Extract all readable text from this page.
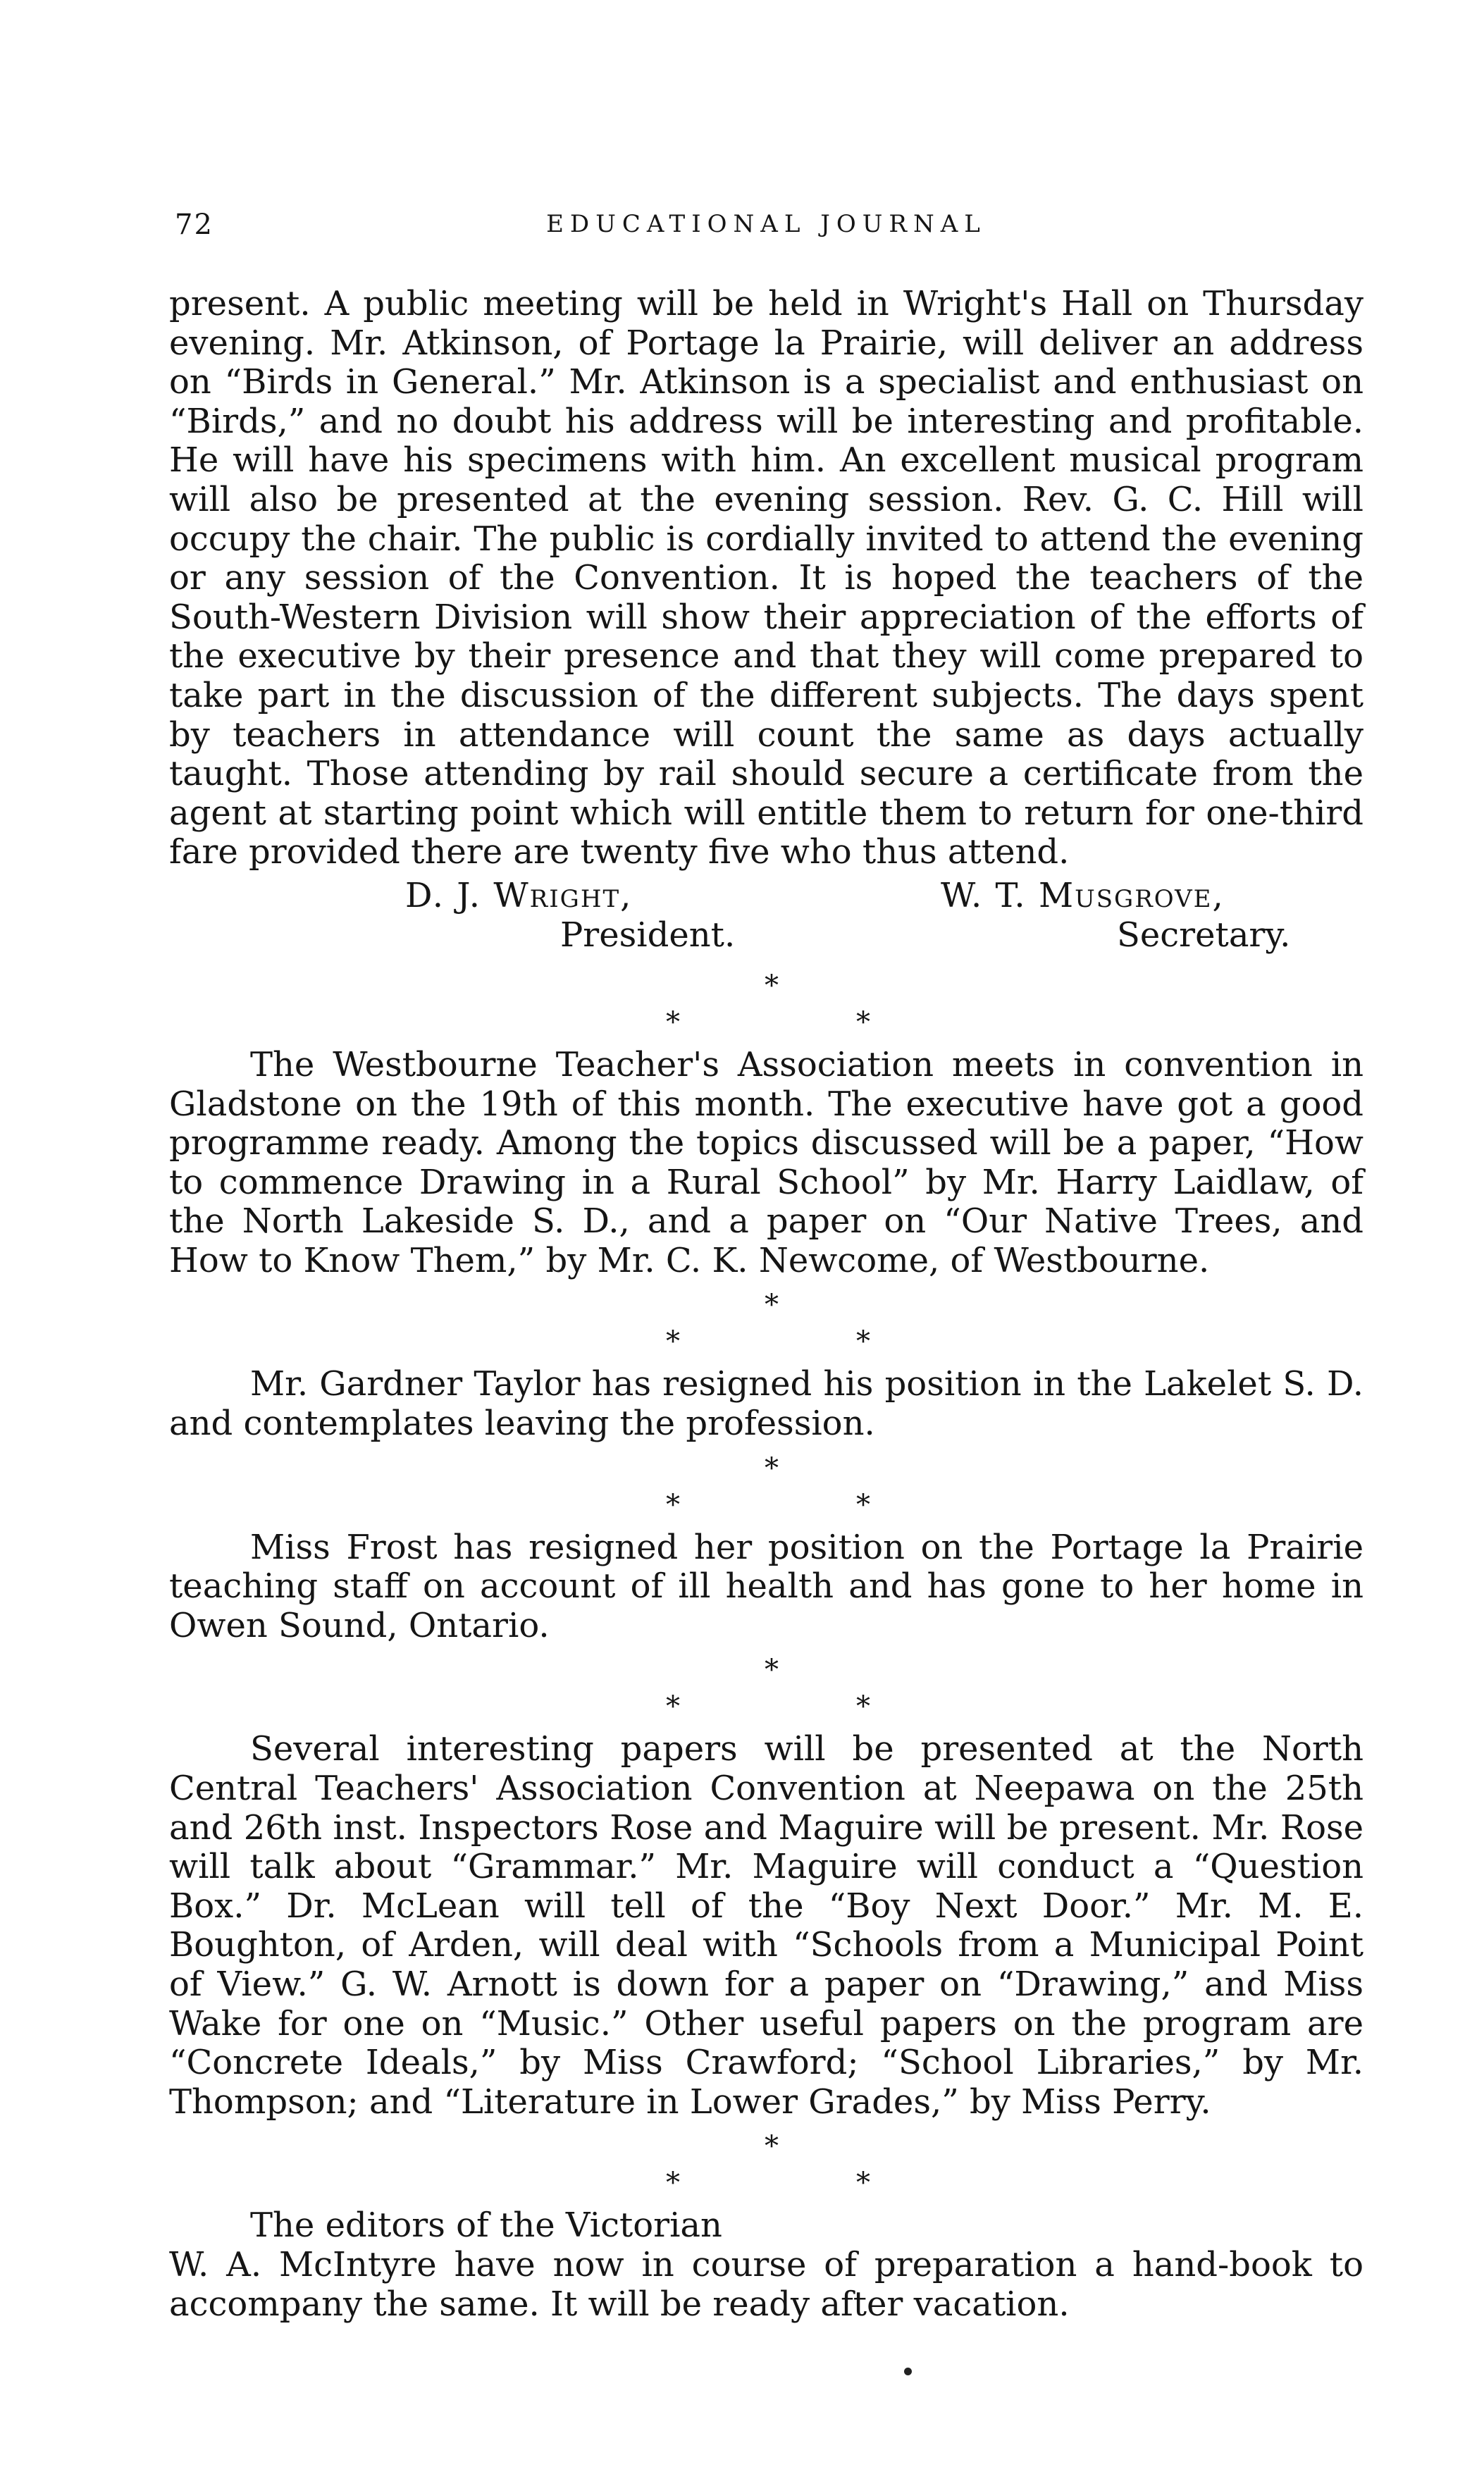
72	EDUCATIONAL JOURNAL

present. A public meeting will be held in Wright's Hall on Thursday evening. Mr. Atkinson, of Portage la Prairie, will deliver an address on “Birds in General.” Mr. Atkinson is a specialist and enthusiast on “Birds,” and no doubt his address will be interesting and profitable. He will have his specimens with him. An excellent musical program will also be presented at the evening session. Rev. G. C. Hill will occupy the chair. The public is cordially invited to attend the evening or any session of the Convention. It is hoped the teachers of the South-Western Division will show their appreciation of the efforts of the executive by their presence and that they will come prepared to take part in the discussion of the different subjects. The days spent by teachers in attendance will count the same as days actually taught. Those attending by rail should secure a certificate from the agent at starting point which will entitle them to return for one-third fare provided there are twenty five who thus attend.

D. J. Wright,
President.
W. T. Musgrove,
Secretary.
*
*	*

The Westbourne Teacher's Association meets in convention in Gladstone on the 19th of this month. The executive have got a good programme ready. Among the topics discussed will be a paper, “How to commence Drawing in a Rural School” by Mr. Harry Laidlaw, of the North Lakeside S. D., and a paper on “Our Native Trees, and How to Know Them,” by Mr. C. K. Newcome, of Westbourne.

*
*	*

Mr. Gardner Taylor has resigned his position in the Lakelet S. D. and contemplates leaving the profession.

*
*	*

Miss Frost has resigned her position on the Portage la Prairie teaching staff on account of ill health and has gone to her home in Owen Sound, Ontario.

*
*	*

Several interesting papers will be presented at the North Central Teachers' Association Convention at Neepawa on the 25th and 26th inst. Inspectors Rose and Maguire will be present. Mr. Rose will talk about “Grammar.” Mr. Maguire will conduct a “Question Box.” Dr. McLean will tell of the “Boy Next Door.” Mr. M. E. Boughton, of Arden, will deal with “Schools from a Municipal Point of View.” G. W. Arnott is down for a paper on “Drawing,” and Miss Wake for one on “Music.” Other useful papers on the program are “Concrete Ideals,” by Miss Crawford; “School Libraries,” by Mr. Thompson; and “Literature in Lower Grades,” by Miss Perry.

*
*	*

The editors of the Victorian

W. A. McIntyre have now in course of preparation a hand-book to accompany the same. It will be ready after vacation.
